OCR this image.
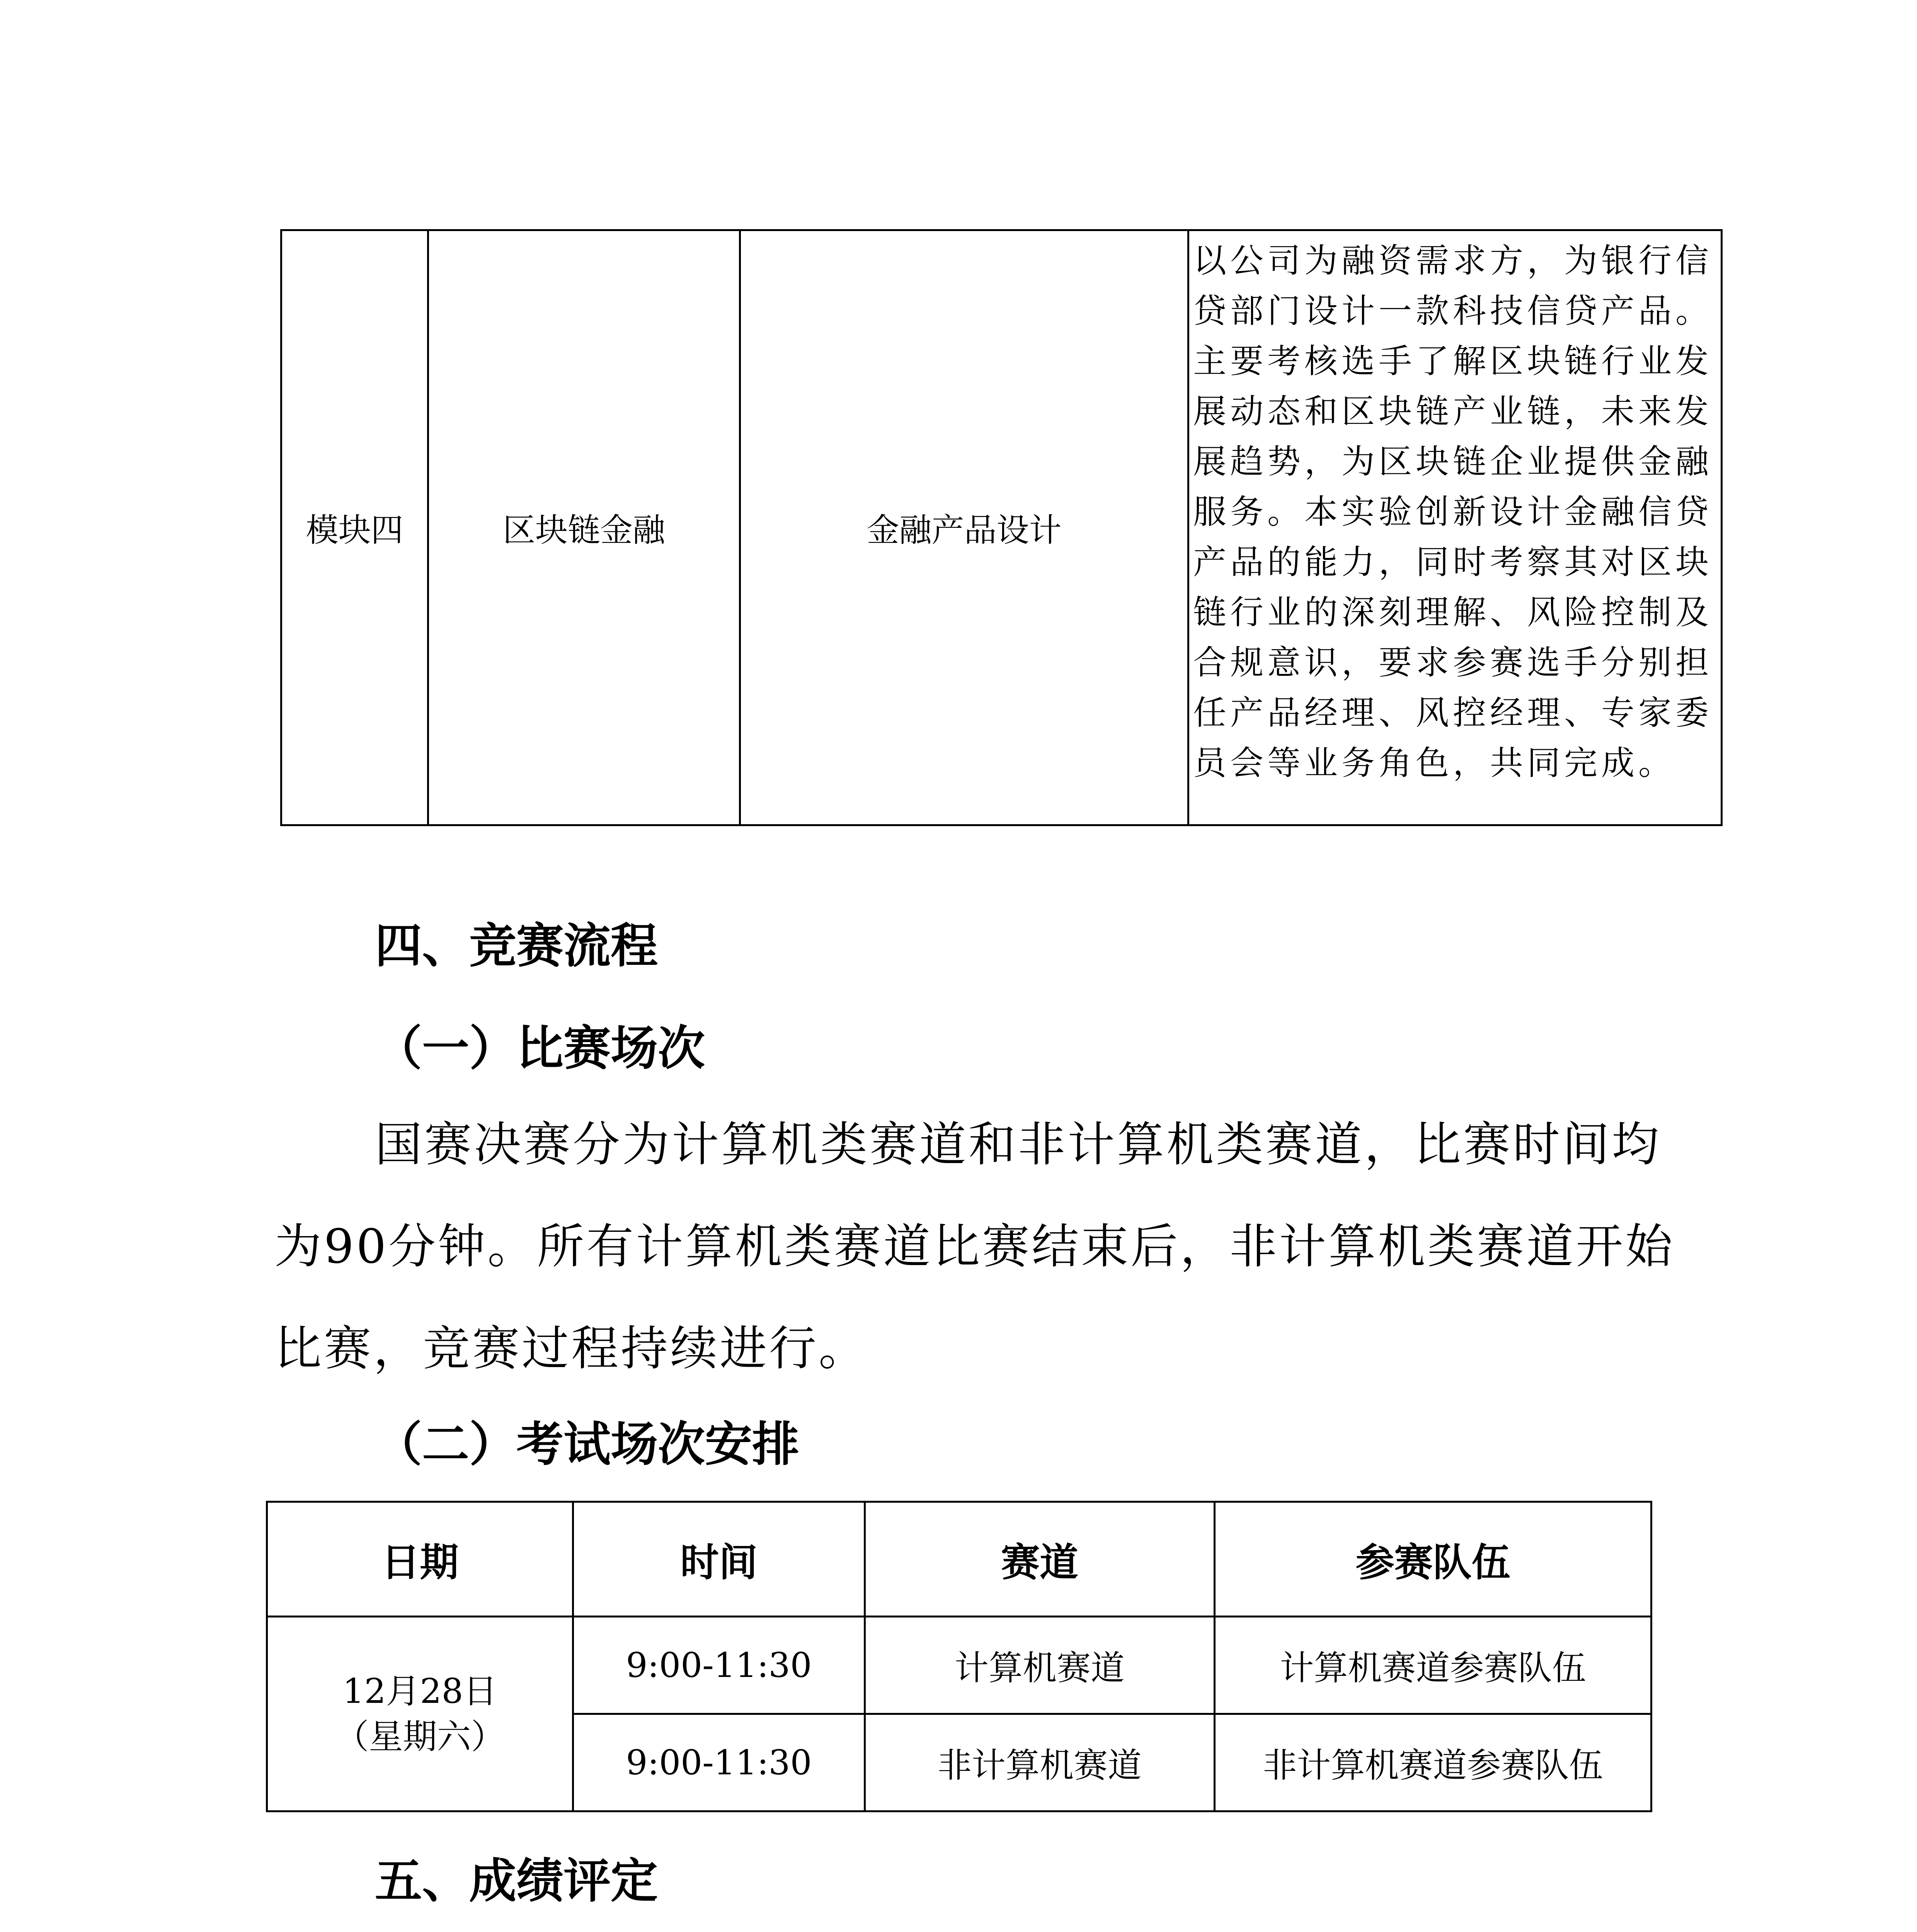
模块四	区块链金融	金融产品设计	以公司为融资需求方，为银行信贷部门设计一款科技信贷产品。主要考核选手了解区块链行业发展动态和区块链产业链，未来发展趋势，为区块链企业提供金融服务。本实验创新设计金融信贷产品的能力，同时考察其对区块链行业的深刻理解、风险控制及合规意识，要求参赛选手分别担任产品经理、风控经理、专家委员会等业务角色，共同完成。
四、竞赛流程
（一）比赛场次
国赛决赛分为计算机类赛道和非计算机类赛道，比赛时间均为90分钟。所有计算机类赛道比赛结束后，非计算机类赛道开始比赛，竞赛过程持续进行。
（二）考试场次安排
日期	时间	赛道	参赛队伍

12月28日
（星期六）	9:00-11:30	计算机赛道	计算机赛道参赛队伍
	9:00-11:30	非计算机赛道	非计算机赛道参赛队伍
五、成绩评定
